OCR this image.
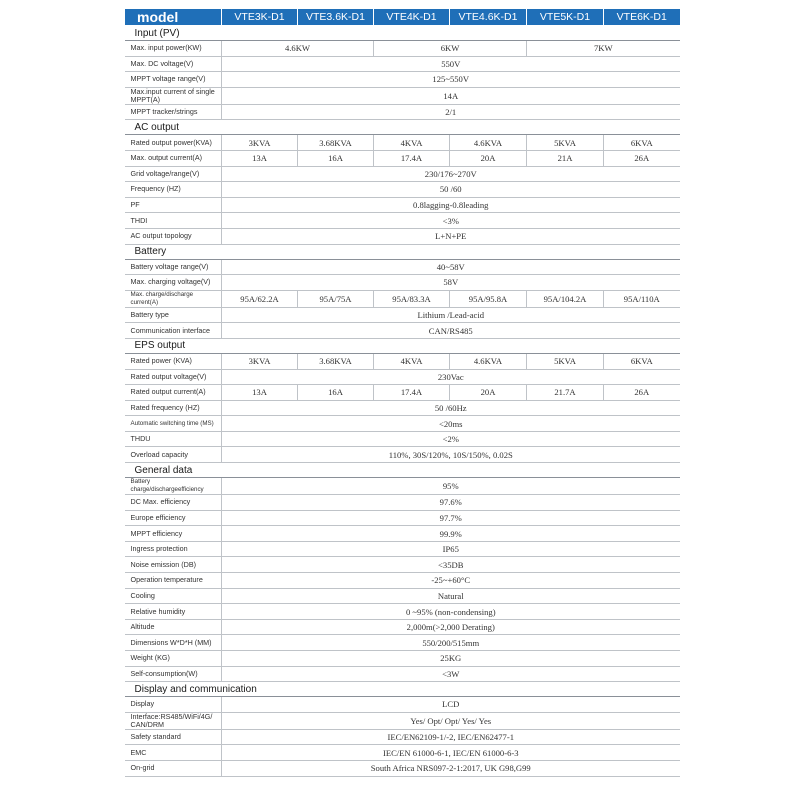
model	VTE3K-D1	VTE3.6K-D1	VTE4K-D1	VTE4.6K-D1	VTE5K-D1	VTE6K-D1
Input (PV)						
Max. input power(KW)	4.6KW		6KW		7KW	
Max. DC voltage(V)	550V					
MPPT voltage range(V)	125~550V					
Max.input current of single MPPT(A)	14A					
MPPT tracker/strings	2/1					
AC output						
Rated output power(KVA)	3KVA	3.68KVA	4KVA	4.6KVA	5KVA	6KVA
Max. output current(A)	13A	16A	17.4A	20A	21A	26A
Grid voltage/range(V)	230/176~270V					
Frequency (HZ)	50 /60					
PF	0.8lagging-0.8leading					
THDI	<3%					
AC output topology	L+N+PE					
Battery						
Battery voltage range(V)	40~58V					
Max. charging voltage(V)	58V					
Max. charge/discharge current(A)	95A/62.2A	95A/75A	95A/83.3A	95A/95.8A	95A/104.2A	95A/110A
Battery type	Lithium /Lead-acid					
Communication interface	CAN/RS485					
EPS output						
Rated power (KVA)	3KVA	3.68KVA	4KVA	4.6KVA	5KVA	6KVA
Rated output voltage(V)	230Vac					
Rated output current(A)	13A	16A	17.4A	20A	21.7A	26A
Rated frequency (HZ)	50 /60Hz					
Automatic switching time (MS)	<20ms					
THDU	<2%					
Overload capacity	110%, 30S/120%, 10S/150%, 0.02S					
General data						
Battery charge/dischargeefficiency	95%					
DC Max. efficiency	97.6%					
Europe efficiency	97.7%					
MPPT efficiency	99.9%					
Ingress protection	IP65					
Noise emission (DB)	<35DB					
Operation temperature	-25~+60°C					
Cooling	Natural					
Relative humidity	0 ~95% (non-condensing)					
Altitude	2,000m(>2,000 Derating)					
Dimensions W*D*H (MM)	550/200/515mm					
Weight (KG)	25KG					
Self-consumption(W)	<3W					
Display and communication						
Display	LCD					
Interface:RS485/WiFi/4G/ CAN/DRM	Yes/ Opt/ Opt/ Yes/ Yes					
Safety standard	IEC/EN62109-1/-2, IEC/EN62477-1					
EMC	IEC/EN 61000-6-1, IEC/EN 61000-6-3					
On-grid	South Africa NRS097-2-1:2017, UK G98,G99					
